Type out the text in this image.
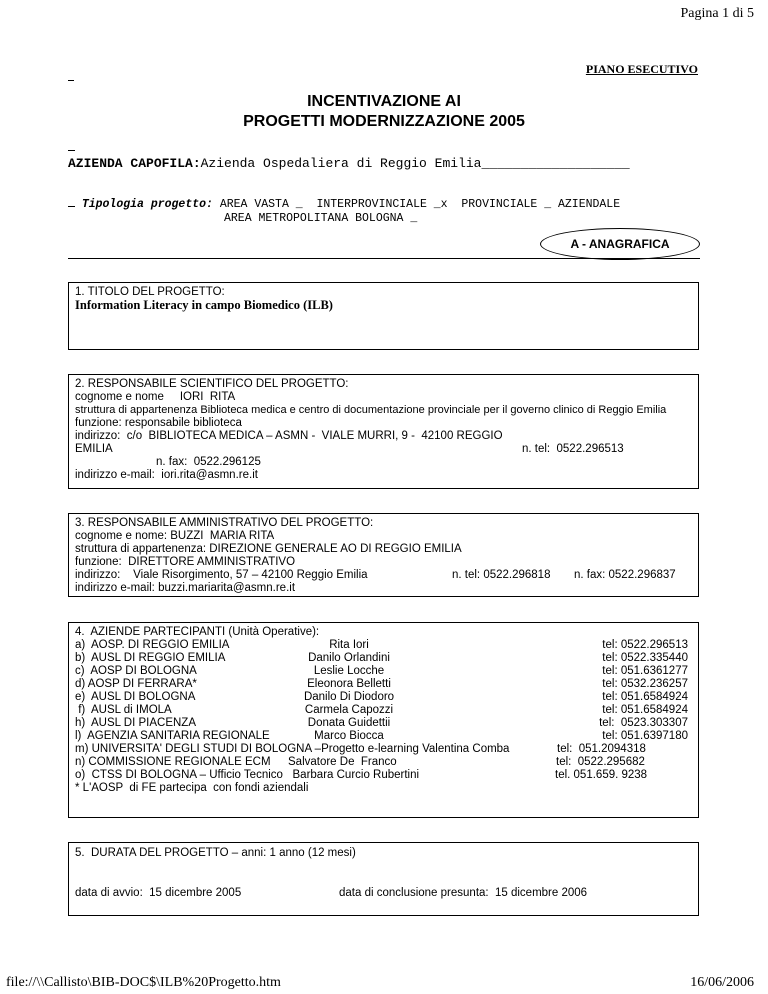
Pagina 1 di 5
PIANO ESECUTIVO
INCENTIVAZIONE AI
PROGETTI MODERNIZZAZIONE 2005
AZIENDA CAPOFILA:Azienda Ospedaliera di Reggio Emilia___________________

Tipologia progetto: AREA VASTA _  INTERPROVINCIALE _x  PROVINCIALE _ AZIENDALE

AREA METROPOLITANA BOLOGNA _
A - ANAGRAFICA
1. TITOLO DEL PROGETTO:
Information Literacy in campo Biomedico (ILB)
2. RESPONSABILE SCIENTIFICO DEL PROGETTO:
cognome e nome     IORI  RITA
struttura di appartenenza Biblioteca medica e centro di documentazione provinciale per il governo clinico di Reggio Emilia
funzione: responsabile biblioteca
indirizzo:  c/o  BIBLIOTECA MEDICA – ASMN -  VIALE MURRI, 9 -  42100 REGGIO
EMILIA	n. tel:  0522.296513
n. fax:  0522.296125
indirizzo e-mail:  iori.rita@asmn.re.it
3. RESPONSABILE AMMINISTRATIVO DEL PROGETTO:
cognome e nome: BUZZI  MARIA RITA
struttura di appartenenza: DIREZIONE GENERALE AO DI REGGIO EMILIA
funzione:  DIRETTORE AMMINISTRATIVO
indirizzo:    Viale Risorgimento, 57 – 42100 Reggio Emilia	n. tel: 0522.296818 n. fax: 0522.296837
indirizzo e-mail: buzzi.mariarita@asmn.re.it
4.  AZIENDE PARTECIPANTI (Unità Operative):
a)  AOSP. DI REGGIO EMILIA	Rita Iori	tel: 0522.296513
b)  AUSL DI REGGIO EMILIA	Danilo Orlandini	tel: 0522.335440
c)  AOSP DI BOLOGNA	Leslie Locche	tel: 051.6361277
d) AOSP DI FERRARA*	Eleonora Belletti	tel: 0532.236257
e)  AUSL DI BOLOGNA	Danilo Di Diodoro	tel: 051.6584924
f)  AUSL di IMOLA	Carmela Capozzi	tel: 051.6584924
h)  AUSL DI PIACENZA	Donata Guidettii	tel:  0523.303307
l)  AGENZIA SANITARIA REGIONALE	Marco Biocca	tel: 051.6397180
m) UNIVERSITA' DEGLI STUDI DI BOLOGNA –Progetto e-learning Valentina Comba	tel:  051.2094318
n) COMMISSIONE REGIONALE ECM Salvatore De  Franco	tel:  0522.295682
o)  CTSS DI BOLOGNA – Ufficio Tecnico   Barbara Curcio Rubertini	tel. 051.659. 9238
* L'AOSP  di FE partecipa  con fondi aziendali
5.  DURATA DEL PROGETTO – anni: 1 anno (12 mesi)
data di avvio:  15 dicembre 2005	data di conclusione presunta:  15 dicembre 2006
file://\\Callisto\BIB-DOC$\ILB%20Progetto.htm	16/06/2006
